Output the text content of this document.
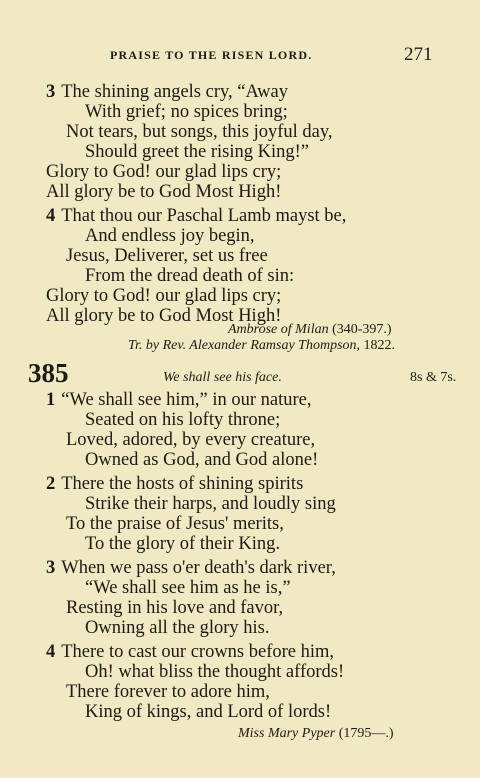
PRAISE TO THE RISEN LORD.	271
3 The shining angels cry, “Away
With grief; no spices bring;
Not tears, but songs, this joyful day,
Should greet the rising King!”
Glory to God! our glad lips cry;
All glory be to God Most High!
4 That thou our Paschal Lamb mayst be,
And endless joy begin,
Jesus, Deliverer, set us free
From the dread death of sin:
Glory to God! our glad lips cry;
All glory be to God Most High!
Ambrose of Milan (340-397.)
Tr. by Rev. Alexander Ramsay Thompson, 1822.
385	We shall see his face.	8s & 7s.
1 “We shall see him,” in our nature,
Seated on his lofty throne;
Loved, adored, by every creature,
Owned as God, and God alone!
2 There the hosts of shining spirits
Strike their harps, and loudly sing
To the praise of Jesus' merits,
To the glory of their King.
3 When we pass o'er death's dark river,
“We shall see him as he is,”
Resting in his love and favor,
Owning all the glory his.
4 There to cast our crowns before him,
Oh! what bliss the thought affords!
There forever to adore him,
King of kings, and Lord of lords!
Miss Mary Pyper (1795—.)
